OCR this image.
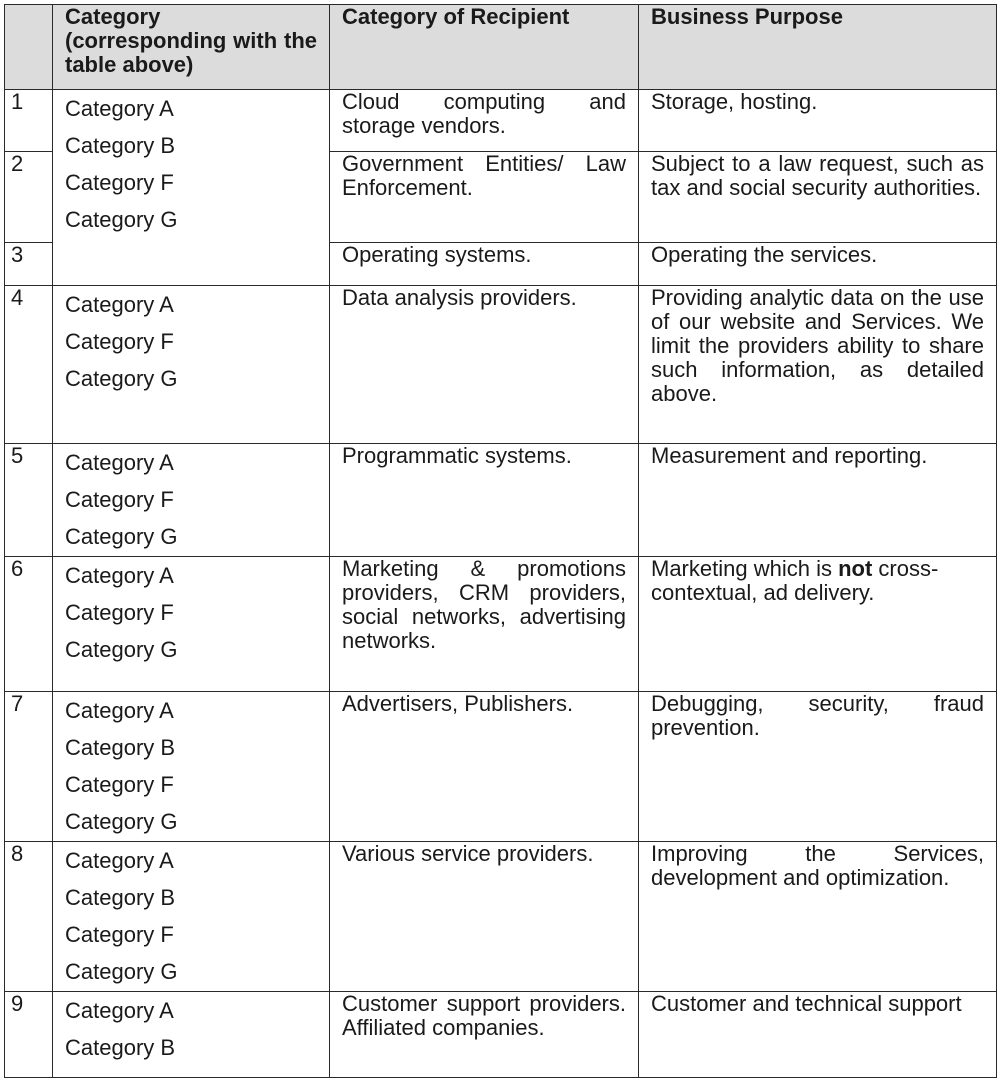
	Category (corresponding with the table above)	Category of Recipient	Business Purpose
1	Category A
Category B
Category F
Category G	Cloud computing and storage vendors.	Storage, hosting.
2		Government Entities/ Law Enforcement.	Subject to a law request, such as tax and social security authorities.
3		Operating systems.	Operating the services.
4	Category A
Category F
Category G	Data analysis providers.	Providing analytic data on the use of our website and Services. We limit the providers ability to share such information, as detailed above.
5	Category A
Category F
Category G	Programmatic systems.	Measurement and reporting.
6	Category A
Category F
Category G	Marketing & promotions providers, CRM providers, social networks, advertising networks.	Marketing which is not cross-contextual, ad delivery.
7	Category A
Category B
Category F
Category G	Advertisers, Publishers.	Debugging, security, fraud prevention.
8	Category A
Category B
Category F
Category G	Various service providers.	Improving the Services, development and optimization.
9	Category A
Category B	Customer support providers. Affiliated companies.	Customer and technical support
